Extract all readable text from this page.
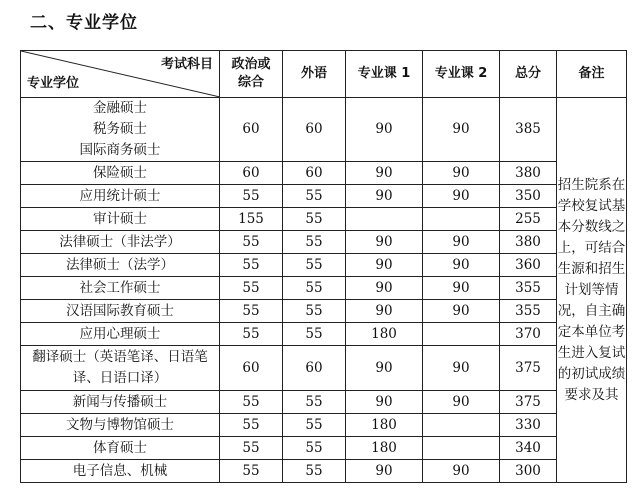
二、专业学位
考试科目
专业学位	政治或综合	外语	专业课 1	专业课 2	总分	备注

金融硕士
税务硕士
国际商务硕士	60	60	90	90	385	招生院系在学校复试基本分数线之上，可结合生源和招生计划等情况，自主确定本单位考生进入复试的初试成绩要求及其

保险硕士	60	60	90	90	380	

应用统计硕士	55	55	90	90	350	

审计硕士	155	55			255	

法律硕士（非法学）	55	55	90	90	380	

法律硕士（法学）	55	55	90	90	360	

社会工作硕士	55	55	90	90	355	

汉语国际教育硕士	55	55	90	90	355	

应用心理硕士	55	55	180		370	

翻译硕士（英语笔译、日语笔
译、日语口译）	60	60	90	90	375	

新闻与传播硕士	55	55	90	90	375	

文物与博物馆硕士	55	55	180		330	

体育硕士	55	55	180		340	

电子信息、机械	55	55	90	90	300	
